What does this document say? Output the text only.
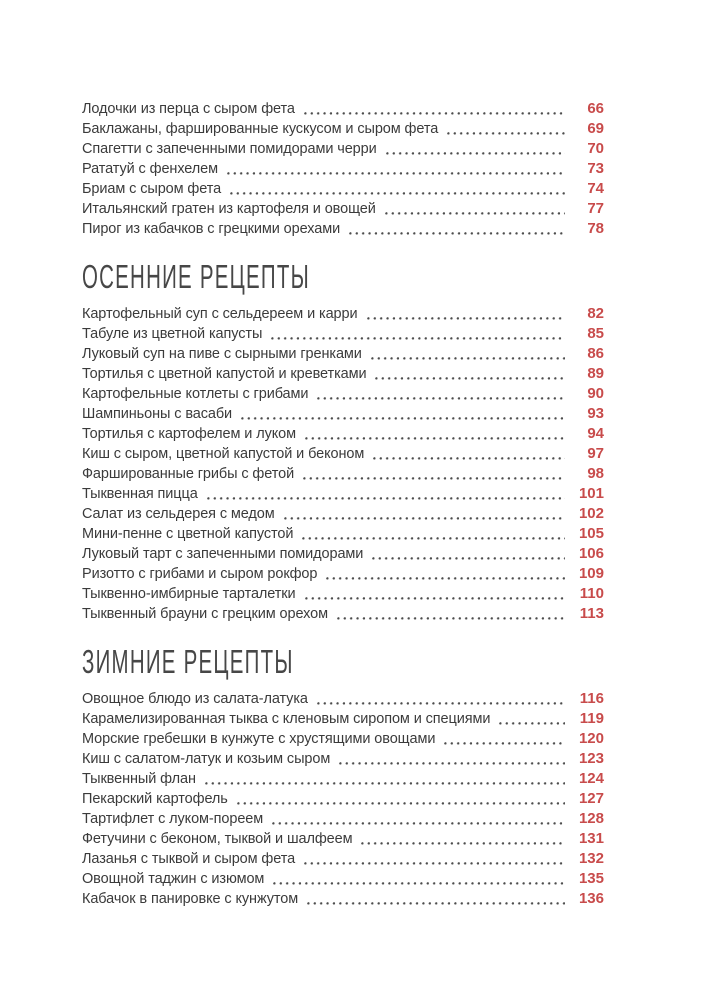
Лодочки из перца с сыром фета	66
Баклажаны, фаршированные кускусом и сыром фета	69
Спагетти с запеченными помидорами черри	70
Рататуй с фенхелем	73
Бриам с сыром фета	74
Итальянский гратен из картофеля и овощей	77
Пирог из кабачков с грецкими орехами	78
ОСЕННИЕ РЕЦЕПТЫ
Картофельный суп с сельдереем и карри	82
Табуле из цветной капусты	85
Луковый суп на пиве с сырными гренками	86
Тортилья с цветной капустой и креветками	89
Картофельные котлеты с грибами	90
Шампиньоны с васаби	93
Тортилья с картофелем и луком	94
Киш с сыром, цветной капустой и беконом	97
Фаршированные грибы с фетой	98
Тыквенная пицца	101
Салат из сельдерея с медом	102
Мини-пенне с цветной капустой	105
Луковый тарт с запеченными помидорами	106
Ризотто с грибами и сыром рокфор	109
Тыквенно-имбирные тарталетки	110
Тыквенный брауни с грецким орехом	113
ЗИМНИЕ РЕЦЕПТЫ
Овощное блюдо из салата-латука	116
Карамелизированная тыква с кленовым сиропом и специями	119
Морские гребешки в кунжуте с хрустящими овощами	120
Киш с салатом-латук и козьим сыром	123
Тыквенный флан	124
Пекарский картофель	127
Тартифлет с луком-пореем	128
Фетучини с беконом, тыквой и шалфеем	131
Лазанья с тыквой и сыром фета	132
Овощной таджин с изюмом	135
Кабачок в панировке с кунжутом	136
